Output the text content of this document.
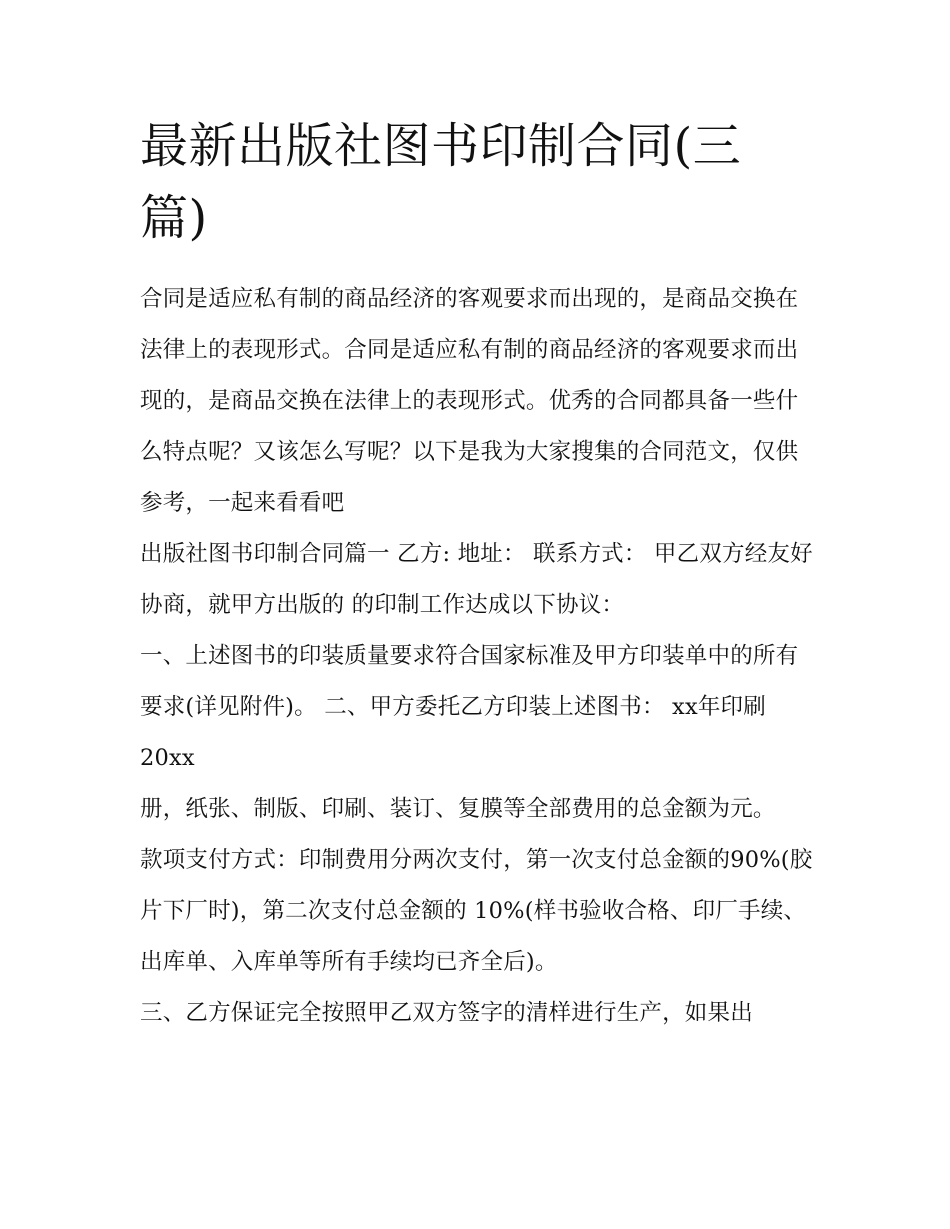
最新出版社图书印制合同(三篇)

合同是适应私有制的商品经济的客观要求而出现的，是商品交换在法律上的表现形式。合同是适应私有制的商品经济的客观要求而出现的，是商品交换在法律上的表现形式。优秀的合同都具备一些什么特点呢？又该怎么写呢？以下是我为大家搜集的合同范文，仅供参考，一起来看看吧

出版社图书印制合同篇一 乙方: 地址： 联系方式： 甲乙双方经友好协商，就甲方出版的 的印制工作达成以下协议：

一、上述图书的印装质量要求符合国家标准及甲方印装单中的所有要求(详见附件)。 二、甲方委托乙方印装上述图书： xx年印刷 20xx

册，纸张、制版、印刷、装订、复膜等全部费用的总金额为元。

款项支付方式：印制费用分两次支付，第一次支付总金额的90%(胶片下厂时)，第二次支付总金额的 10%(样书验收合格、印厂手续、出库单、入库单等所有手续均已齐全后)。

三、乙方保证完全按照甲乙双方签字的清样进行生产，如果出
